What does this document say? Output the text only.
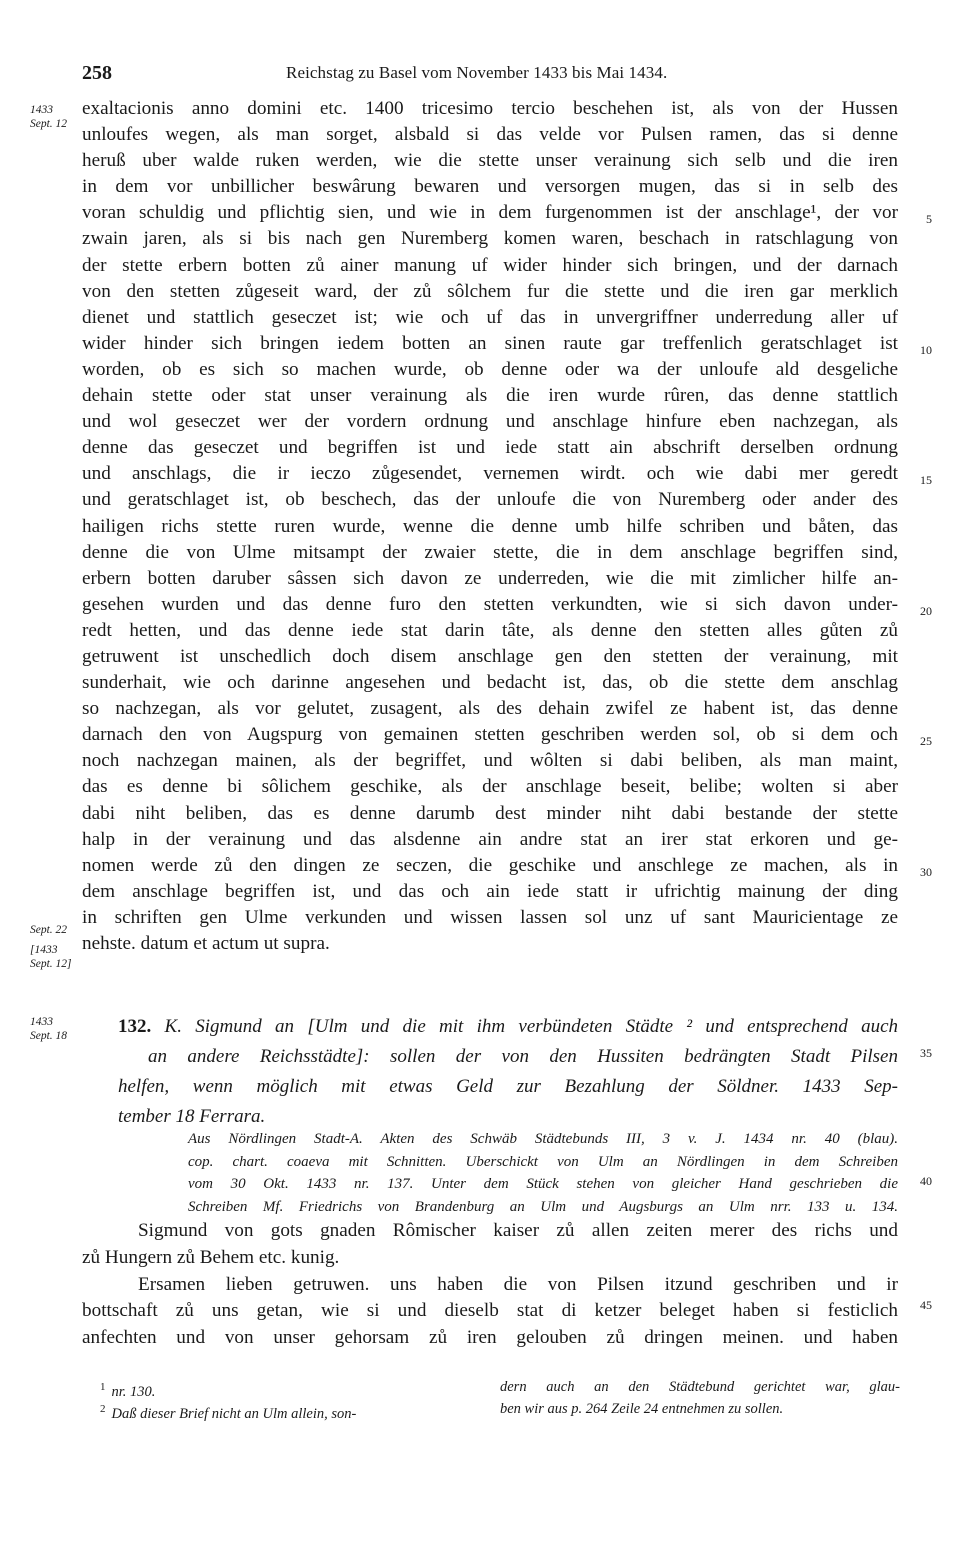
258	Reichstag zu Basel vom November 1433 bis Mai 1434.
1433
Sept. 12
Sept. 22
[1433
Sept. 12]
1433
Sept. 18
5
10
15
20
25
30
35
40
45
exaltacionis anno domini etc. 1400 tricesimo tercio beschehen ist, als von der Hussen
unloufes wegen, als man sorget, alsbald si das velde vor Pulsen ramen, das si denne
heruß uber walde ruken werden, wie die stette unser verainung sich selb und die iren
in dem vor unbillicher beswârung bewaren und versorgen mugen, das si in selb des
voran schuldig und pflichtig sien, und wie in dem furgenommen ist der anschlage¹, der vor
zwain jaren, als si bis nach gen Nuremberg komen waren, beschach in ratschlagung von
der stette erbern botten zů ainer manung uf wider hinder sich bringen, und der darnach
von den stetten zůgeseit ward, der zů sôlchem fur die stette und die iren gar merklich
dienet und stattlich geseczet ist; wie och uf das in unvergriffner underredung aller uf
wider hinder sich bringen iedem botten an sinen raute gar treffenlich geratschlaget ist
worden, ob es sich so machen wurde, ob denne oder wa der unloufe ald desgeliche
dehain stette oder stat unser verainung als die iren wurde rûren, das denne stattlich
und wol geseczet wer der vordern ordnung und anschlage hinfure eben nachzegan, als
denne das geseczet und begriffen ist und iede statt ain abschrift derselben ordnung
und anschlags, die ir ieczo zůgesendet, vernemen wirdt. och wie dabi mer geredt
und geratschlaget ist, ob bescheсh, das der unloufe die von Nuremberg oder ander des
hailigen richs stette ruren wurde, wenne die denne umb hilfe schriben und båten, das
denne die von Ulme mitsampt der zwaier stette, die in dem anschlage begriffen sind,
erbern botten daruber sâssen sich davon ze underreden, wie die mit zimlicher hilfe an-
gesehen wurden und das denne furo den stetten verkundten, wie si sich davon under-
redt hetten, und das denne iede stat darin tâte, als denne den stetten alles gůten zů
getruwent ist unschedlich doch disem anschlage gen den stetten der verainung, mit
sunderhait, wie och darinne angesehen und bedacht ist, das, ob die stette dem anschlag
so nachzegan, als vor gelutet, zusagent, als des dehain zwifel ze habent ist, das denne
darnach den von Augspurg von gemainen stetten geschriben werden sol, ob si dem och
noch nachzegan mainen, als der begriffet, und wôlten si dabi beliben, als man maint,
das es denne bi sôlichem geschike, als der anschlage beseit, belibe; wolten si aber
dabi niht beliben, das es denne darumb dest minder niht dabi bestande der stette
halp in der verainung und das alsdenne ain andre stat an irer stat erkoren und ge-
nomen werde zů den dingen ze seczen, die geschike und anschlege ze machen, als in
dem anschlage begriffen ist, und das och ain iede statt ir ufrichtig mainung der ding
in schriften gen Ulme verkunden und wissen lassen sol unz uf sant Mauricientage ze
nehste. datum et actum ut supra.
132. K. Sigmund an [Ulm und die mit ihm verbündeten Städte ² und entsprechend auch
an andere Reichsstädte]: sollen der von den Hussiten bedrängten Stadt Pilsen
helfen, wenn möglich mit etwas Geld zur Bezahlung der Söldner. 1433 Sep-
tember 18 Ferrara.
Aus Nördlingen Stadt-A. Akten des Schwäb Städtebunds III, 3 v. J. 1434 nr. 40 (blau).
cop. chart. coaeva mit Schnitten. Uberschickt von Ulm an Nördlingen in dem Schreiben
vom 30 Okt. 1433 nr. 137. Unter dem Stück stehen von gleicher Hand geschrieben die
Schreiben Mf. Friedrichs von Brandenburg an Ulm und Augsburgs an Ulm nrr. 133 u. 134.
Sigmund von gots gnaden Rômischer kaiser zů allen zeiten merer des richs und
zů Hungern zů Behem etc. kunig.
Ersamen lieben getruwen. uns haben die von Pilsen itzund geschriben und ir
bottschaft zů uns getan, wie si und dieselb stat di ketzer beleget haben si festiclich
anfechten und von unser gehorsam zů iren gelouben zů dringen meinen. und haben
$^1$ nr. 130.
$^2$ Daß dieser Brief nicht an Ulm allein, son-
dern auch an den Städtebund gerichtet war, glau-
ben wir aus p. 264 Zeile 24 entnehmen zu sollen.
